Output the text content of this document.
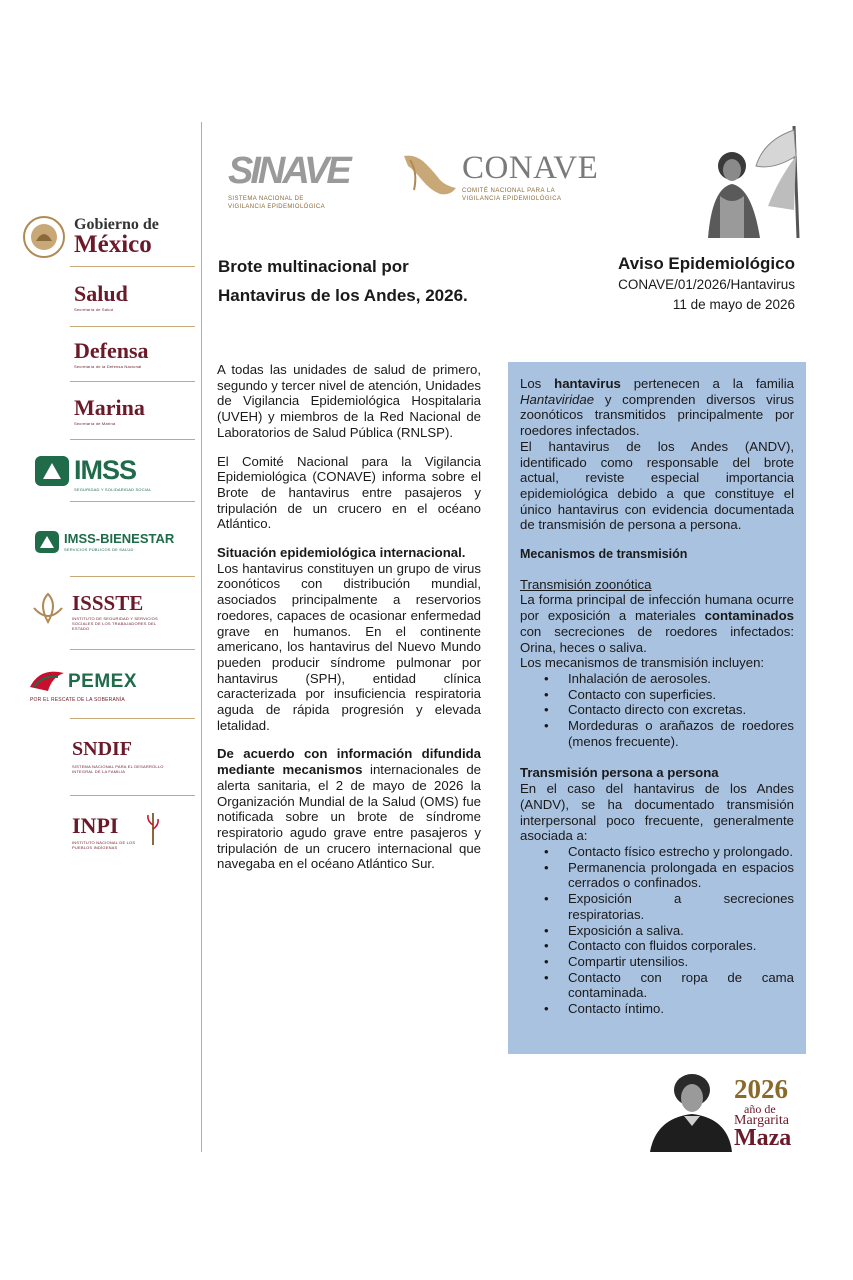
Gobierno de
México
Salud
Secretaría de Salud
Defensa
Secretaría de la Defensa Nacional
Marina
Secretaría de Marina
IMSS
SEGURIDAD Y SOLIDARIDAD SOCIAL
IMSS-BIENESTAR
SERVICIOS PÚBLICOS DE SALUD
ISSSTE
INSTITUTO DE SEGURIDAD Y SERVICIOS SOCIALES DE LOS TRABAJADORES DEL ESTADO
PEMEX
POR EL RESCATE DE LA SOBERANÍA
SNDIF
SISTEMA NACIONAL PARA EL DESARROLLO INTEGRAL DE LA FAMILIA
INPI
INSTITUTO NACIONAL DE LOS PUEBLOS INDÍGENAS
SINAVE
SISTEMA NACIONAL DE
VIGILANCIA EPIDEMIOLÓGICA
CONAVE
COMITÉ NACIONAL PARA LA
VIGILANCIA EPIDEMIOLÓGICA
Brote multinacional por
Hantavirus de los Andes, 2026.
Aviso Epidemiológico
CONAVE/01/2026/Hantavirus
11 de mayo de 2026

A todas las unidades de salud de primero, segundo y tercer nivel de atención, Unidades de Vigilancia Epidemiológica Hospitalaria (UVEH) y miembros de la Red Nacional de Laboratorios de Salud Pública (RNLSP).

El Comité Nacional para la Vigilancia Epidemiológica (CONAVE) informa sobre el Brote de hantavirus entre pasajeros y tripulación de un crucero en el océano Atlántico.

Situación epidemiológica internacional.

Los hantavirus constituyen un grupo de virus zoonóticos con distribución mundial, asociados principalmente a reservorios roedores, capaces de ocasionar enfermedad grave en humanos. En el continente americano, los hantavirus del Nuevo Mundo pueden producir síndrome pulmonar por hantavirus (SPH), entidad clínica caracterizada por insuficiencia respiratoria aguda de rápida progresión y elevada letalidad.

De acuerdo con información difundida mediante mecanismos internacionales de alerta sanitaria, el 2 de mayo de 2026 la Organización Mundial de la Salud (OMS) fue notificada sobre un brote de síndrome respiratorio agudo grave entre pasajeros y tripulación de un crucero internacional que navegaba en el océano Atlántico Sur.

Los hantavirus pertenecen a la familia Hantaviridae y comprenden diversos virus zoonóticos transmitidos principalmente por roedores infectados.

El hantavirus de los Andes (ANDV), identificado como responsable del brote actual, reviste especial importancia epidemiológica debido a que constituye el único hantavirus con evidencia documentada de transmisión de persona a persona.

Mecanismos de transmisión

Transmisión zoonótica

La forma principal de infección humana ocurre por exposición a materiales contaminados con secreciones de roedores infectados: Orina, heces o saliva.

Los mecanismos de transmisión incluyen:

• Inhalación de aerosoles.
• Contacto con superficies.
• Contacto directo con excretas.
• Mordeduras o arañazos de roedores (menos frecuente).
Transmisión persona a persona

En el caso del hantavirus de los Andes (ANDV), se ha documentado transmisión interpersonal poco frecuente, generalmente asociada a:

• Contacto físico estrecho y prolongado.
• Permanencia prolongada en espacios cerrados o confinados.
• Exposición a secreciones respiratorias.
• Exposición a saliva.
• Contacto con fluidos corporales.
• Compartir utensilios.
• Contacto con ropa de cama contaminada.
• Contacto íntimo.
2026
año de
Margarita
Maza
